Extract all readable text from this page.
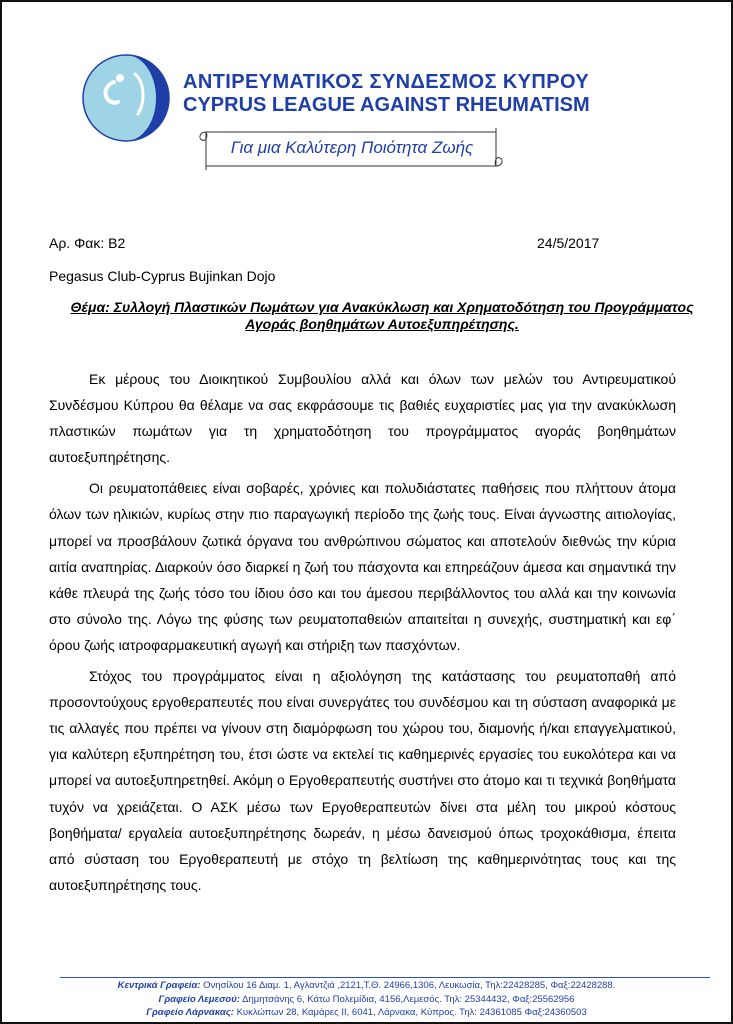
ΑΝΤΙΡΕΥΜΑΤΙΚΟΣ ΣΥΝΔΕΣΜΟΣ ΚΥΠΡΟΥ
CYPRUS LEAGUE AGAINST RHEUMATISM
Για μια Καλύτερη Ποιότητα Ζωής
Αρ. Φακ: Β2	24/5/2017
Pegasus Club-Cyprus Bujinkan Dojo
Θέμα: Συλλογή Πλαστικών Πωμάτων για Ανακύκλωση και Χρηματοδότηση του Προγράμματος Αγοράς βοηθημάτων Αυτοεξυπηρέτησης.

Εκ μέρους του Διοικητικού Συμβουλίου αλλά και όλων των μελών του Αντιρευματικού Συνδέσμου Κύπρου θα θέλαμε να σας εκφράσουμε τις βαθιές ευχαριστίες μας για την ανακύκλωση πλαστικών πωμάτων για τη χρηματοδότηση του προγράμματος αγοράς βοηθημάτων αυτοεξυπηρέτησης.

Οι ρευματοπάθειες είναι σοβαρές, χρόνιες και πολυδιάστατες παθήσεις που πλήττουν άτομα όλων των ηλικιών, κυρίως στην πιο παραγωγική περίοδο της ζωής τους. Είναι άγνωστης αιτιολογίας, μπορεί να προσβάλουν ζωτικά όργανα του ανθρώπινου σώματος και αποτελούν διεθνώς την κύρια αιτία αναπηρίας. Διαρκούν όσο διαρκεί η ζωή του πάσχοντα και επηρεάζουν άμεσα και σημαντικά την κάθε πλευρά της ζωής τόσο του ίδιου όσο και του άμεσου περιβάλλοντος του αλλά και την κοινωνία στο σύνολο της. Λόγω της φύσης των ρευματοπαθειών απαιτείται η συνεχής, συστηματική και εφ΄ όρου ζωής ιατροφαρμακευτική αγωγή και στήριξη των πασχόντων.

Στόχος του προγράμματος είναι η αξιολόγηση της κατάστασης του ρευματοπαθή από προσοντούχους εργοθεραπευτές που είναι συνεργάτες του συνδέσμου και τη σύσταση αναφορικά με τις αλλαγές που πρέπει να γίνουν στη διαμόρφωση του χώρου του, διαμονής ή/και επαγγελματικού, για καλύτερη εξυπηρέτηση του, έτσι ώστε να εκτελεί τις καθημερινές εργασίες του ευκολότερα και να μπορεί να αυτοεξυπηρετηθεί. Ακόμη ο Εργοθεραπευτής συστήνει στο άτομο και τι τεχνικά βοηθήματα τυχόν να χρειάζεται. Ο ΑΣΚ μέσω των Εργοθεραπευτών δίνει στα μέλη του μικρού κόστους βοηθήματα/ εργαλεία αυτοεξυπηρέτησης δωρεάν, η μέσω δανεισμού όπως τροχοκάθισμα, έπειτα από σύσταση του Εργοθεραπευτή με στόχο τη βελτίωση της καθημερινότητας τους και της αυτοεξυπηρέτησης τους.

Κεντρικά Γραφεία: Ονησίλου 16 Διαμ. 1, Αγλαντζιά ,2121,Τ.Θ. 24966,1306, Λευκωσία, Τηλ:22428285, Φαξ:22428288.
Γραφείο Λεμεσού: Δημητσάνης 6, Κάτω Πολεμίδια, 4156,Λεμεσός. Τηλ: 25344432, Φαξ:25562956
Γραφείο Λάρνακας: Κυκλώπων 28, Καμάρες ΙΙ, 6041, Λάρνακα, Κύπρος. Τηλ: 24361085 Φαξ:24360503
